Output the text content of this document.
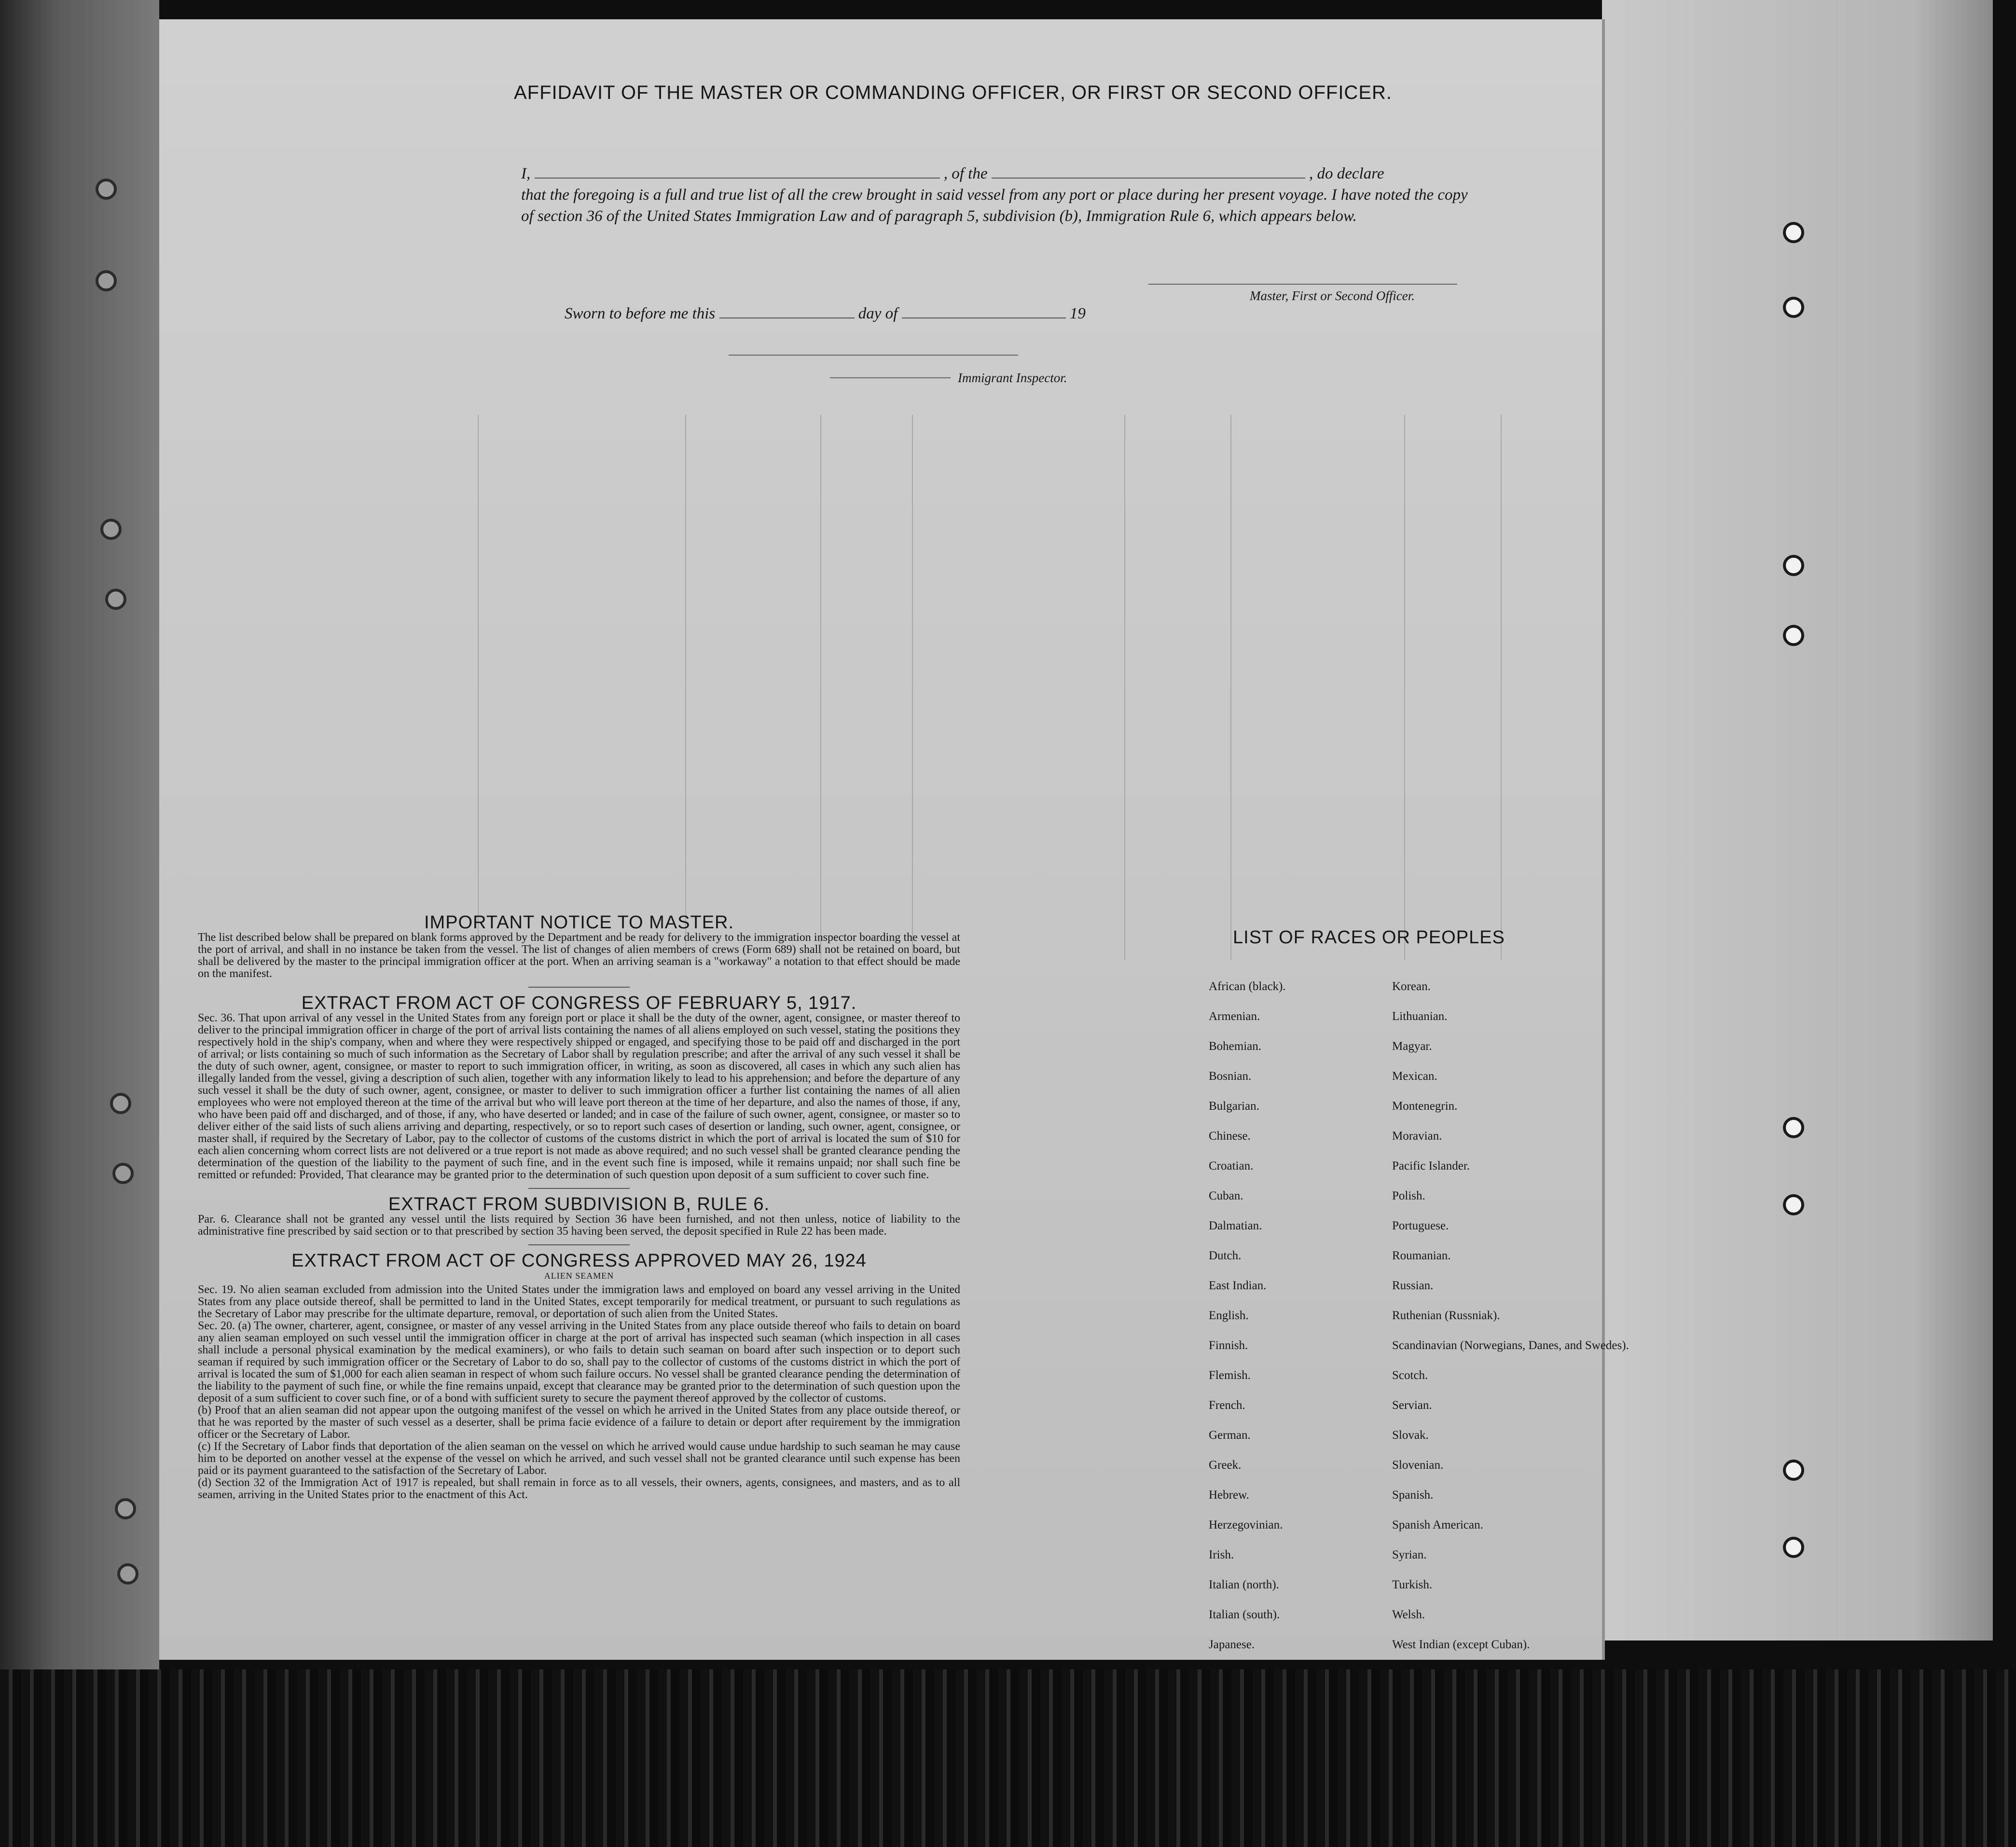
AFFIDAVIT OF THE MASTER OR COMMANDING OFFICER, OR FIRST OR SECOND OFFICER.
I,	, of the	, do declare
that the foregoing is a full and true list of all the crew brought in said vessel from any port or place during her present voyage. I have noted the copy of section 36 of the United States Immigration Law and of paragraph 5, subdivision (b), Immigration Rule 6, which appears below.
Master, First or Second Officer.
Sworn to before me this	day of	19
Immigrant Inspector.
IMPORTANT NOTICE TO MASTER.

The list described below shall be prepared on blank forms approved by the Department and be ready for delivery to the immigration inspector boarding the vessel at the port of arrival, and shall in no instance be taken from the vessel. The list of changes of alien members of crews (Form 689) shall not be retained on board, but shall be delivered by the master to the principal immigration officer at the port. When an arriving seaman is a "workaway" a notation to that effect should be made on the manifest.

EXTRACT FROM ACT OF CONGRESS OF FEBRUARY 5, 1917.

Sec. 36. That upon arrival of any vessel in the United States from any foreign port or place it shall be the duty of the owner, agent, consignee, or master thereof to deliver to the principal immigration officer in charge of the port of arrival lists containing the names of all aliens employed on such vessel, stating the positions they respectively hold in the ship's company, when and where they were respectively shipped or engaged, and specifying those to be paid off and discharged in the port of arrival; or lists containing so much of such information as the Secretary of Labor shall by regulation prescribe; and after the arrival of any such vessel it shall be the duty of such owner, agent, consignee, or master to report to such immigration officer, in writing, as soon as discovered, all cases in which any such alien has illegally landed from the vessel, giving a description of such alien, together with any information likely to lead to his apprehension; and before the departure of any such vessel it shall be the duty of such owner, agent, consignee, or master to deliver to such immigration officer a further list containing the names of all alien employees who were not employed thereon at the time of the arrival but who will leave port thereon at the time of her departure, and also the names of those, if any, who have been paid off and discharged, and of those, if any, who have deserted or landed; and in case of the failure of such owner, agent, consignee, or master so to deliver either of the said lists of such aliens arriving and departing, respectively, or so to report such cases of desertion or landing, such owner, agent, consignee, or master shall, if required by the Secretary of Labor, pay to the collector of customs of the customs district in which the port of arrival is located the sum of $10 for each alien concerning whom correct lists are not delivered or a true report is not made as above required; and no such vessel shall be granted clearance pending the determination of the question of the liability to the payment of such fine, and in the event such fine is imposed, while it remains unpaid; nor shall such fine be remitted or refunded: Provided, That clearance may be granted prior to the determination of such question upon deposit of a sum sufficient to cover such fine.

EXTRACT FROM SUBDIVISION B, RULE 6.

Par. 6. Clearance shall not be granted any vessel until the lists required by Section 36 have been furnished, and not then unless, notice of liability to the administrative fine prescribed by said section or to that prescribed by section 35 having been served, the deposit specified in Rule 22 has been made.

EXTRACT FROM ACT OF CONGRESS APPROVED MAY 26, 1924
ALIEN SEAMEN

Sec. 19. No alien seaman excluded from admission into the United States under the immigration laws and employed on board any vessel arriving in the United States from any place outside thereof, shall be permitted to land in the United States, except temporarily for medical treatment, or pursuant to such regulations as the Secretary of Labor may prescribe for the ultimate departure, removal, or deportation of such alien from the United States.

Sec. 20. (a) The owner, charterer, agent, consignee, or master of any vessel arriving in the United States from any place outside thereof who fails to detain on board any alien seaman employed on such vessel until the immigration officer in charge at the port of arrival has inspected such seaman (which inspection in all cases shall include a personal physical examination by the medical examiners), or who fails to detain such seaman on board after such inspection or to deport such seaman if required by such immigration officer or the Secretary of Labor to do so, shall pay to the collector of customs of the customs district in which the port of arrival is located the sum of $1,000 for each alien seaman in respect of whom such failure occurs. No vessel shall be granted clearance pending the determination of the liability to the payment of such fine, or while the fine remains unpaid, except that clearance may be granted prior to the determination of such question upon the deposit of a sum sufficient to cover such fine, or of a bond with sufficient surety to secure the payment thereof approved by the collector of customs.

(b) Proof that an alien seaman did not appear upon the outgoing manifest of the vessel on which he arrived in the United States from any place outside thereof, or that he was reported by the master of such vessel as a deserter, shall be prima facie evidence of a failure to detain or deport after requirement by the immigration officer or the Secretary of Labor.

(c) If the Secretary of Labor finds that deportation of the alien seaman on the vessel on which he arrived would cause undue hardship to such seaman he may cause him to be deported on another vessel at the expense of the vessel on which he arrived, and such vessel shall not be granted clearance until such expense has been paid or its payment guaranteed to the satisfaction of the Secretary of Labor.

(d) Section 32 of the Immigration Act of 1917 is repealed, but shall remain in force as to all vessels, their owners, agents, consignees, and masters, and as to all seamen, arriving in the United States prior to the enactment of this Act.

LIST OF RACES OR PEOPLES
African (black).
Armenian.
Bohemian.
Bosnian.
Bulgarian.
Chinese.
Croatian.
Cuban.
Dalmatian.
Dutch.
East Indian.
English.
Finnish.
Flemish.
French.
German.
Greek.
Hebrew.
Herzegovinian.
Irish.
Italian (north).
Italian (south).
Japanese.
Korean.
Lithuanian.
Magyar.
Mexican.
Montenegrin.
Moravian.
Pacific Islander.
Polish.
Portuguese.
Roumanian.
Russian.
Ruthenian (Russniak).
Scandinavian (Norwegians, Danes, and Swedes).
Scotch.
Servian.
Slovak.
Slovenian.
Spanish.
Spanish American.
Syrian.
Turkish.
Welsh.
West Indian (except Cuban).
